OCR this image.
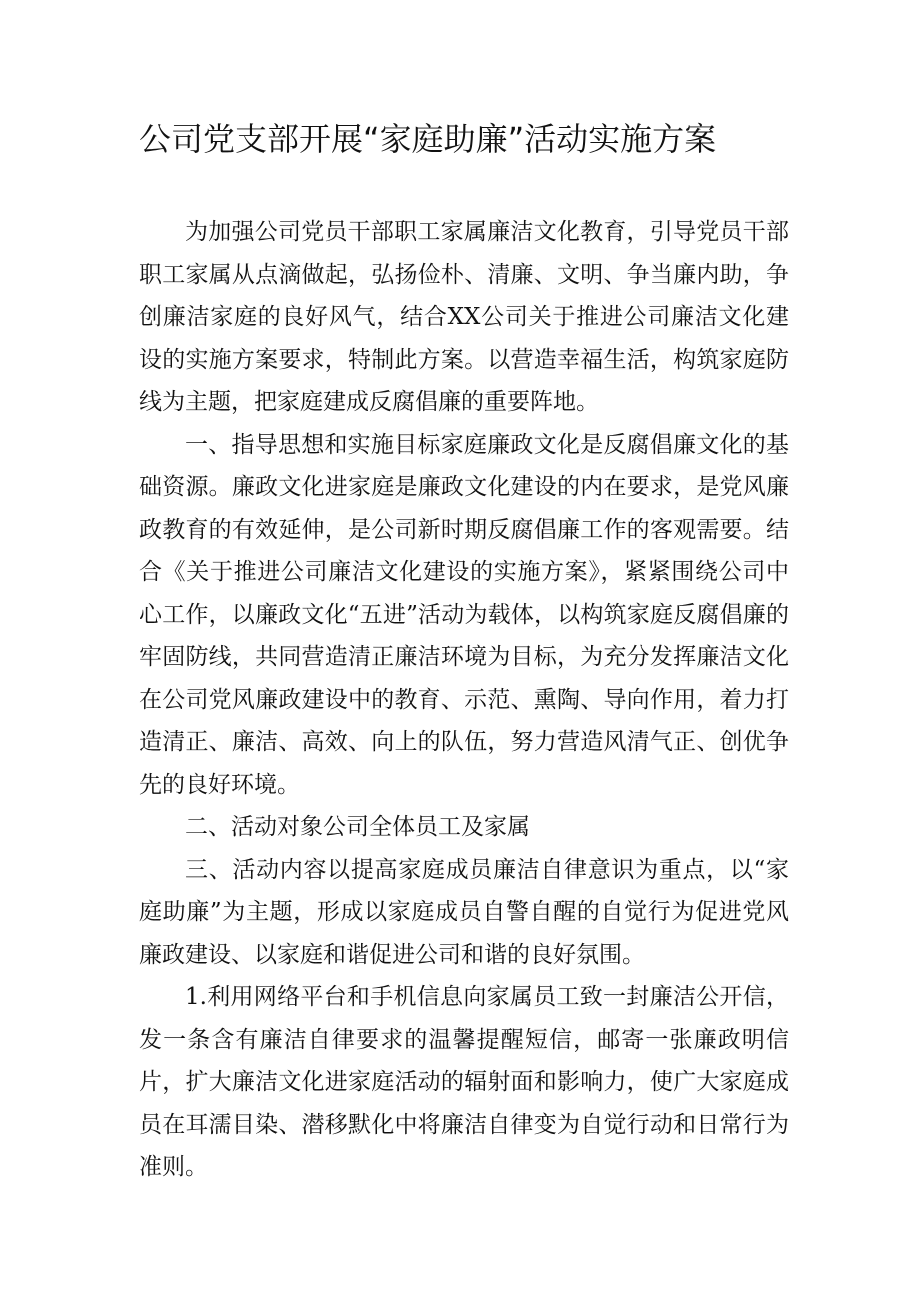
公司党支部开展“家庭助廉”活动实施方案

为加强公司党员干部职工家属廉洁文化教育，引导党员干部职工家属从点滴做起，弘扬俭朴、清廉、文明、争当廉内助，争创廉洁家庭的良好风气，结合XX公司关于推进公司廉洁文化建设的实施方案要求，特制此方案。以营造幸福生活，构筑家庭防线为主题，把家庭建成反腐倡廉的重要阵地。

一、指导思想和实施目标家庭廉政文化是反腐倡廉文化的基础资源。廉政文化进家庭是廉政文化建设的内在要求，是党风廉政教育的有效延伸，是公司新时期反腐倡廉工作的客观需要。结合《关于推进公司廉洁文化建设的实施方案》，紧紧围绕公司中心工作，以廉政文化“五进”活动为载体，以构筑家庭反腐倡廉的牢固防线，共同营造清正廉洁环境为目标，为充分发挥廉洁文化在公司党风廉政建设中的教育、示范、熏陶、导向作用，着力打造清正、廉洁、高效、向上的队伍，努力营造风清气正、创优争先的良好环境。

二、活动对象公司全体员工及家属

三、活动内容以提高家庭成员廉洁自律意识为重点，以“家庭助廉”为主题，形成以家庭成员自警自醒的自觉行为促进党风廉政建设、以家庭和谐促进公司和谐的良好氛围。

1.利用网络平台和手机信息向家属员工致一封廉洁公开信，发一条含有廉洁自律要求的温馨提醒短信，邮寄一张廉政明信片，扩大廉洁文化进家庭活动的辐射面和影响力，使广大家庭成员在耳濡目染、潜移默化中将廉洁自律变为自觉行动和日常行为准则。
